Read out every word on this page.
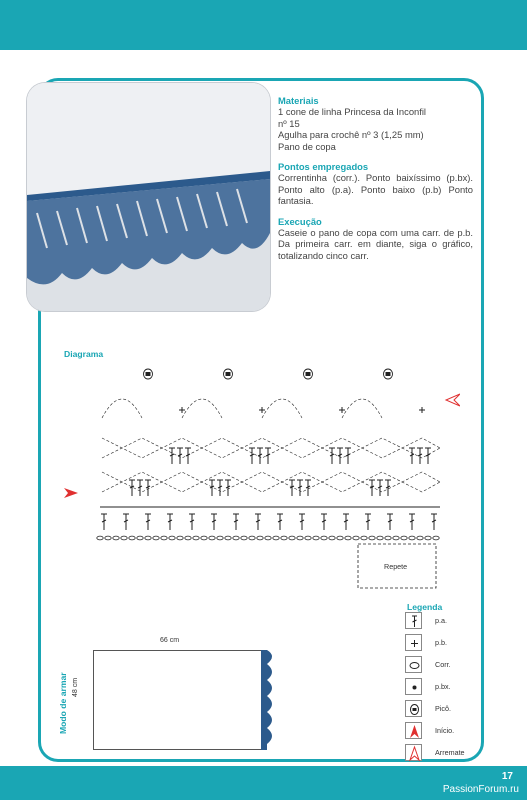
Materiais

1 cone de linha Princesa da Inconfil
nº 15
Agulha para crochê nº 3 (1,25 mm)
Pano de copa

Pontos empregados

Correntinha (corr.). Ponto baixíssimo (p.bx). Ponto alto (p.a). Ponto baixo (p.b) Ponto fantasia.

Execução

Caseie o pano de copa com uma carr. de p.b. Da primeira carr. em diante, siga o gráfico, totalizando cinco carr.

Diagrama
Repete
Legenda
p.a.
p.b.
Corr.
p.bx.
Picô.
Início.
Arremate
Modo de armar
66 cm
48 cm
17
PassionForum.ru
